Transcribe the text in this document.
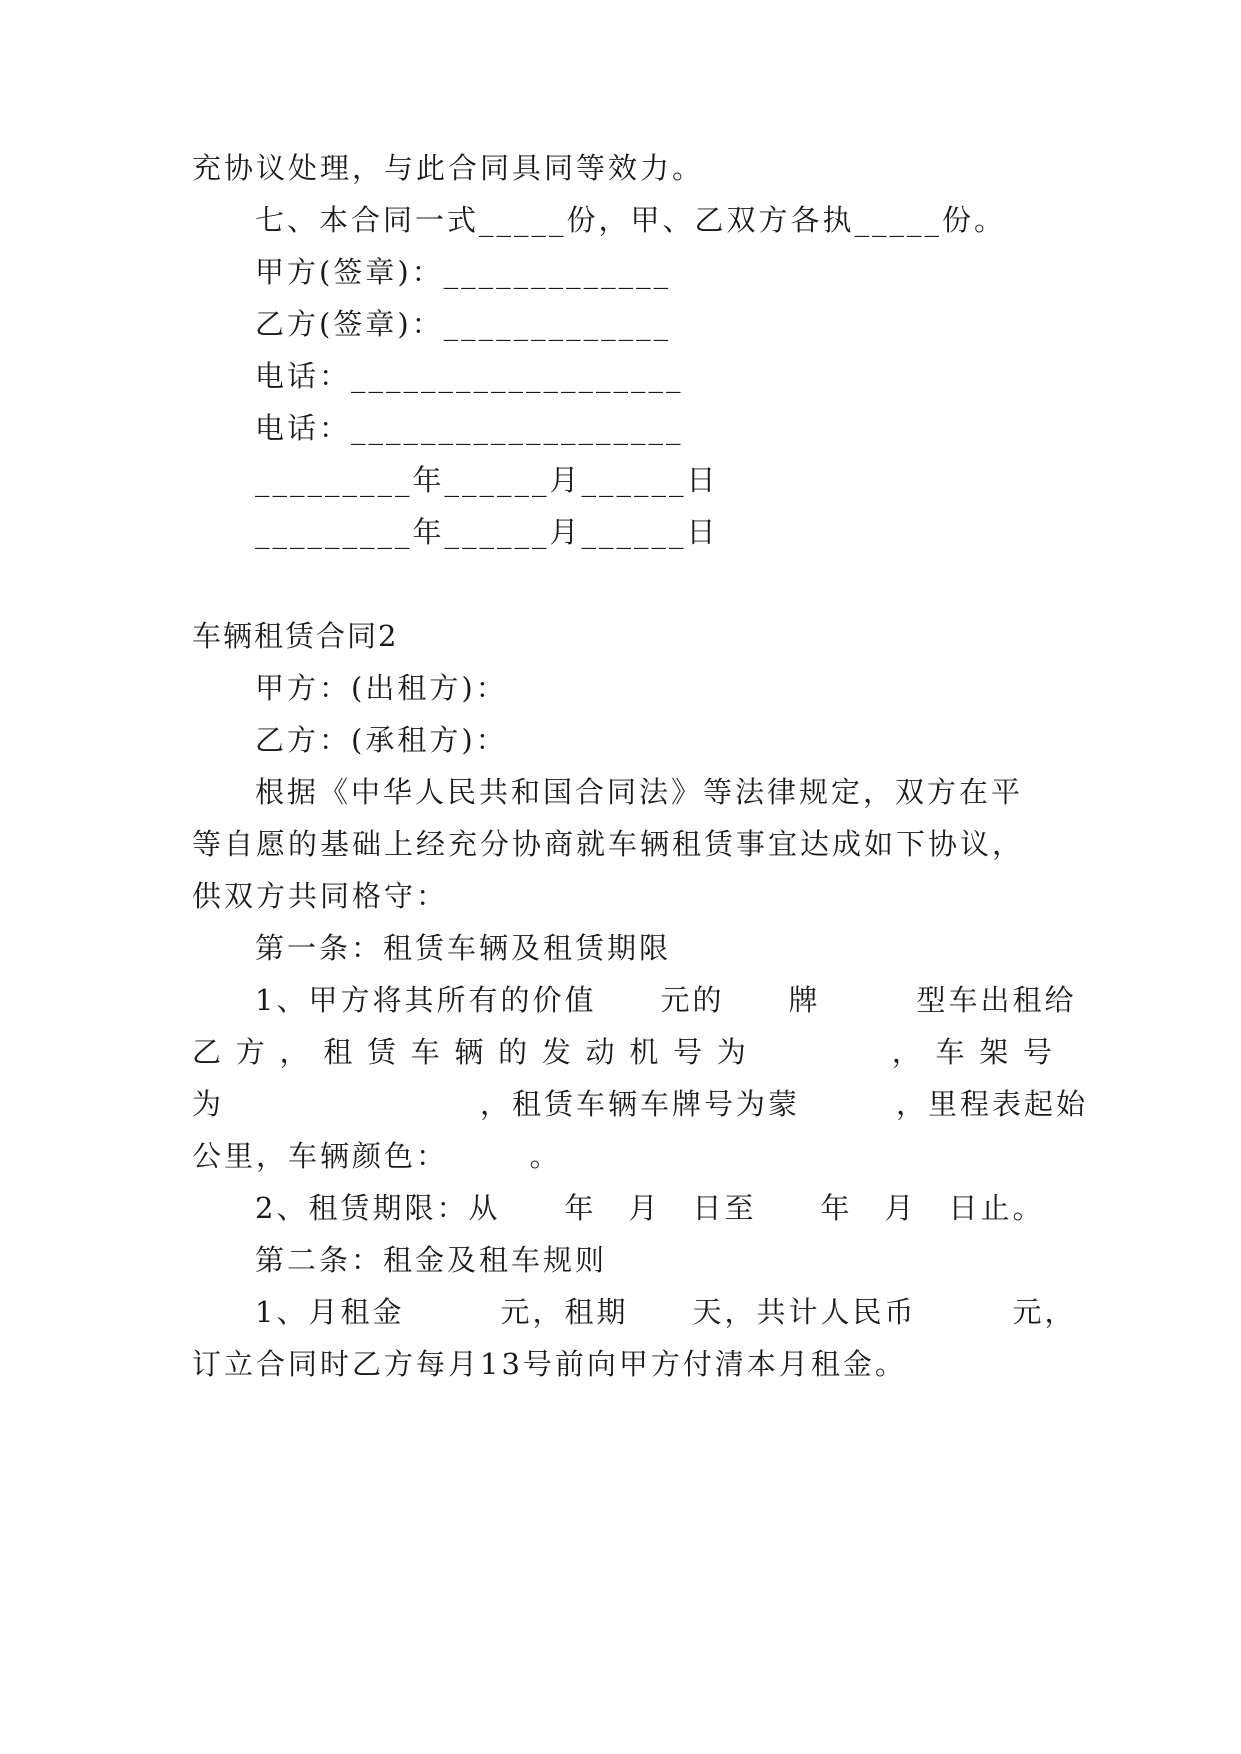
充协议处理，与此合同具同等效力。
七、本合同一式_____份，甲、乙双方各执_____份。
甲方(签章)：_____________
乙方(签章)：_____________
电话：___________________
电话：___________________
_________年______月______日
_________年______月______日
车辆租赁合同2
甲方：(出租方)：
乙方：(承租方)：
根据《中华人民共和国合同法》等法律规定，双方在平
等自愿的基础上经充分协商就车辆租赁事宜达成如下协议，
供双方共同格守：
第一条：租赁车辆及租赁期限
1、甲方将其所有的价值　　元的　　牌　　　型车出租给
乙 方 ， 租 赁 车 辆 的 发 动 机 号 为

　	， 车 架 号
为　　　　　　　　，租赁车辆车牌号为蒙　　　，里程表起始
公里，车辆颜色：　　　。
2、租赁期限：从　　年　月　日至　　年　月　日止。
第二条：租金及租车规则
1、月租金　　　元，租期　　天，共计人民币　　　元，
订立合同时乙方每月13号前向甲方付清本月租金。
